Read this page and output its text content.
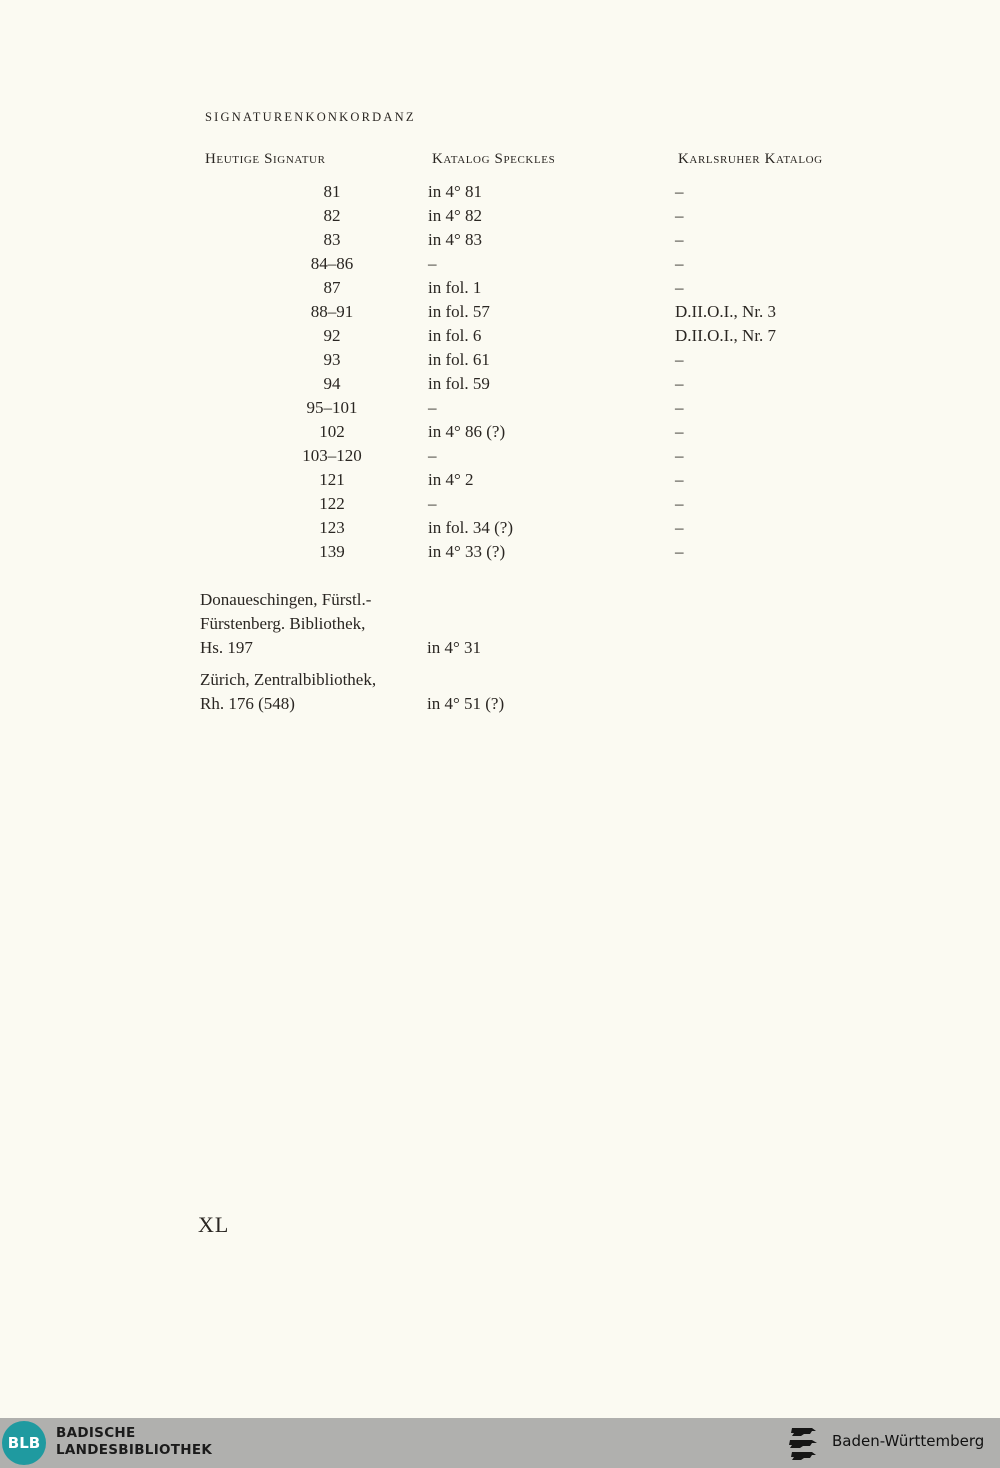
SIGNATURENKONKORDANZ
Heutige Signatur	Katalog Speckles	Karlsruher Katalog
81	in 4° 81	–
82	in 4° 82	–
83	in 4° 83	–
84–86	–	–
87	in fol. 1	–
88–91	in fol. 57	D.II.O.I., Nr. 3
92	in fol. 6	D.II.O.I., Nr. 7
93	in fol. 61	–
94	in fol. 59	–
95–101	–	–
102	in 4° 86 (?)	–
103–120	–	–
121	in 4° 2	–
122	–	–
123	in fol. 34 (?)	–
139	in 4° 33 (?)	–
Donaueschingen, Fürstl.-
Fürstenberg. Bibliothek,
Hs. 197	in 4° 31
Zürich, Zentralbibliothek,
Rh. 176 (548)	in 4° 51 (?)
XL
BLB
BADISCHE
LANDESBIBLIOTHEK	Baden-Württemberg
